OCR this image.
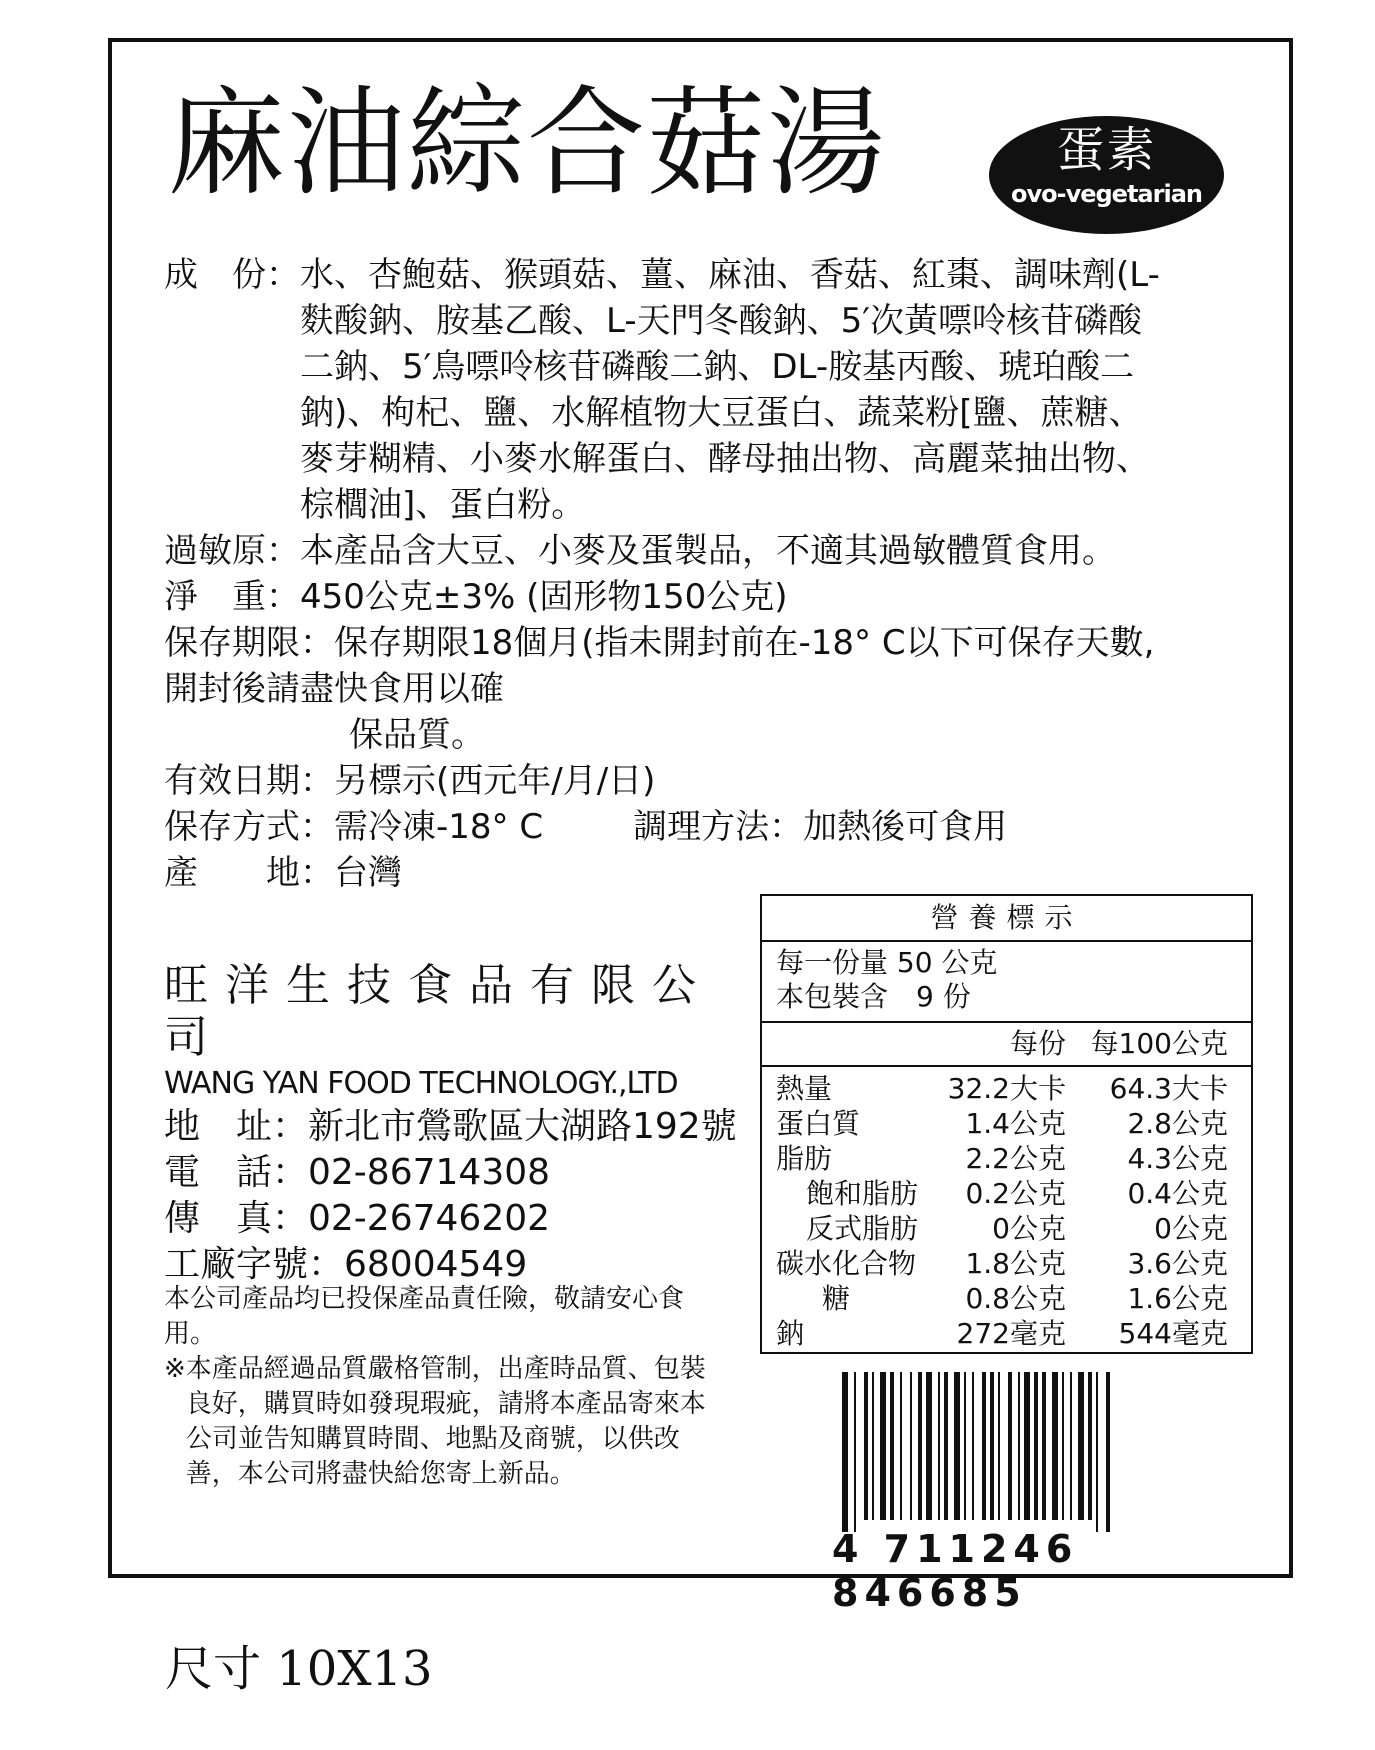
麻油綜合菇湯	蛋素
ovo-vegetarian
成　份： 水、杏鮑菇、猴頭菇、薑、麻油、香菇、紅棗、調味劑(L-
麩酸鈉、胺基乙酸、L-天門冬酸鈉、5′次黃嘌呤核苷磷酸
二鈉、5′鳥嘌呤核苷磷酸二鈉、DL-胺基丙酸、琥珀酸二
鈉)、枸杞、鹽、水解植物大豆蛋白、蔬菜粉[鹽、蔗糖、
麥芽糊精、小麥水解蛋白、酵母抽出物、高麗菜抽出物、
棕櫚油]、蛋白粉。
過敏原： 本產品含大豆、小麥及蛋製品，不適其過敏體質食用。
淨　重： 450公克±3% (固形物150公克)
保存期限： 保存期限18個月(指未開封前在-18° C以下可保存天數,
開封後請盡快食用以確
保品質。
有效日期： 另標示(西元年/月/日)
保存方式： 需冷凍-18° C	調理方法： 加熱後可食用
產　　地： 台灣
旺洋生技食品有限公司
WANG YAN FOOD TECHNOLOGY.,LTD
地　址：新北市鶯歌區大湖路192號
電　話：02-86714308
傳　真：02-26746202
工廠字號：68004549
本公司產品均已投保產品責任險，敬請安心食用。
※ 本產品經過品質嚴格管制，出產時品質、包裝良好，購買時如發現瑕疵，請將本產品寄來本公司並告知購買時間、地點及商號，以供改善，本公司將盡快給您寄上新品。
營養標示
每一份量 50 公克
本包裝含　9 份
每份 每100公克
熱量	32.2大卡	64.3大卡
蛋白質	1.4公克	2.8公克
脂肪	2.2公克	4.3公克
飽和脂肪	0.2公克	0.4公克
反式脂肪	0公克	0公克
碳水化合物	1.8公克	3.6公克
糖	0.8公克	1.6公克
鈉	272毫克	544毫克
4 711246 846685
尺寸 10X13
